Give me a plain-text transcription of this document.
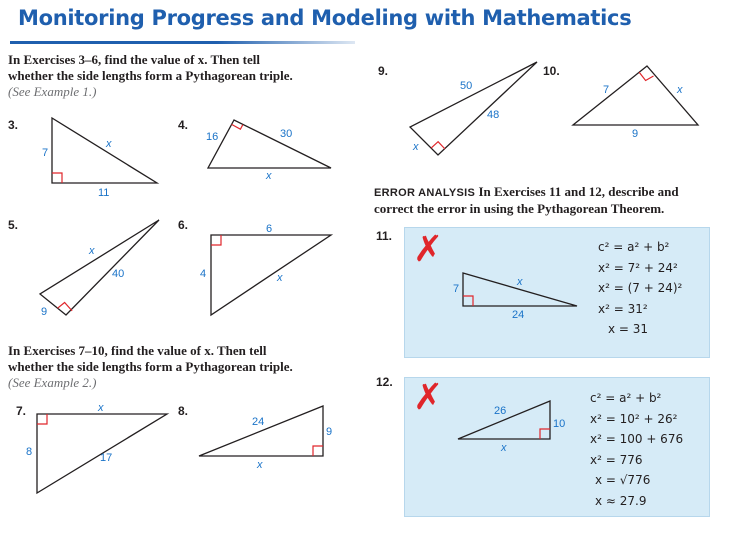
Monitoring Progress and Modeling with Mathematics
In Exercises 3–6, find the value of x. Then tell
whether the side lengths form a Pythagorean triple.
(See Example 1.)
3.
7
x
11
4.
16	30
x
5.
x
40
9
6.	6
4	x
In Exercises 7–10, find the value of x. Then tell
whether the side lengths form a Pythagorean triple.
(See Example 2.)
7.	x
8	17
8.
24
9
x
9.
50
48
x
10.
7	x
9
ERROR ANALYSIS In Exercises 11 and 12, describe and
correct the error in using the Pythagorean Theorem.
11. ✗
7
x
24
c² = a² + b²
x² = 7² + 24²
x² = (7 + 24)²
x² = 31²
x = 31
12. ✗	26
10
x
c² = a² + b²
x² = 10² + 26²
x² = 100 + 676
x² = 776
x = √776
x ≈ 27.9
